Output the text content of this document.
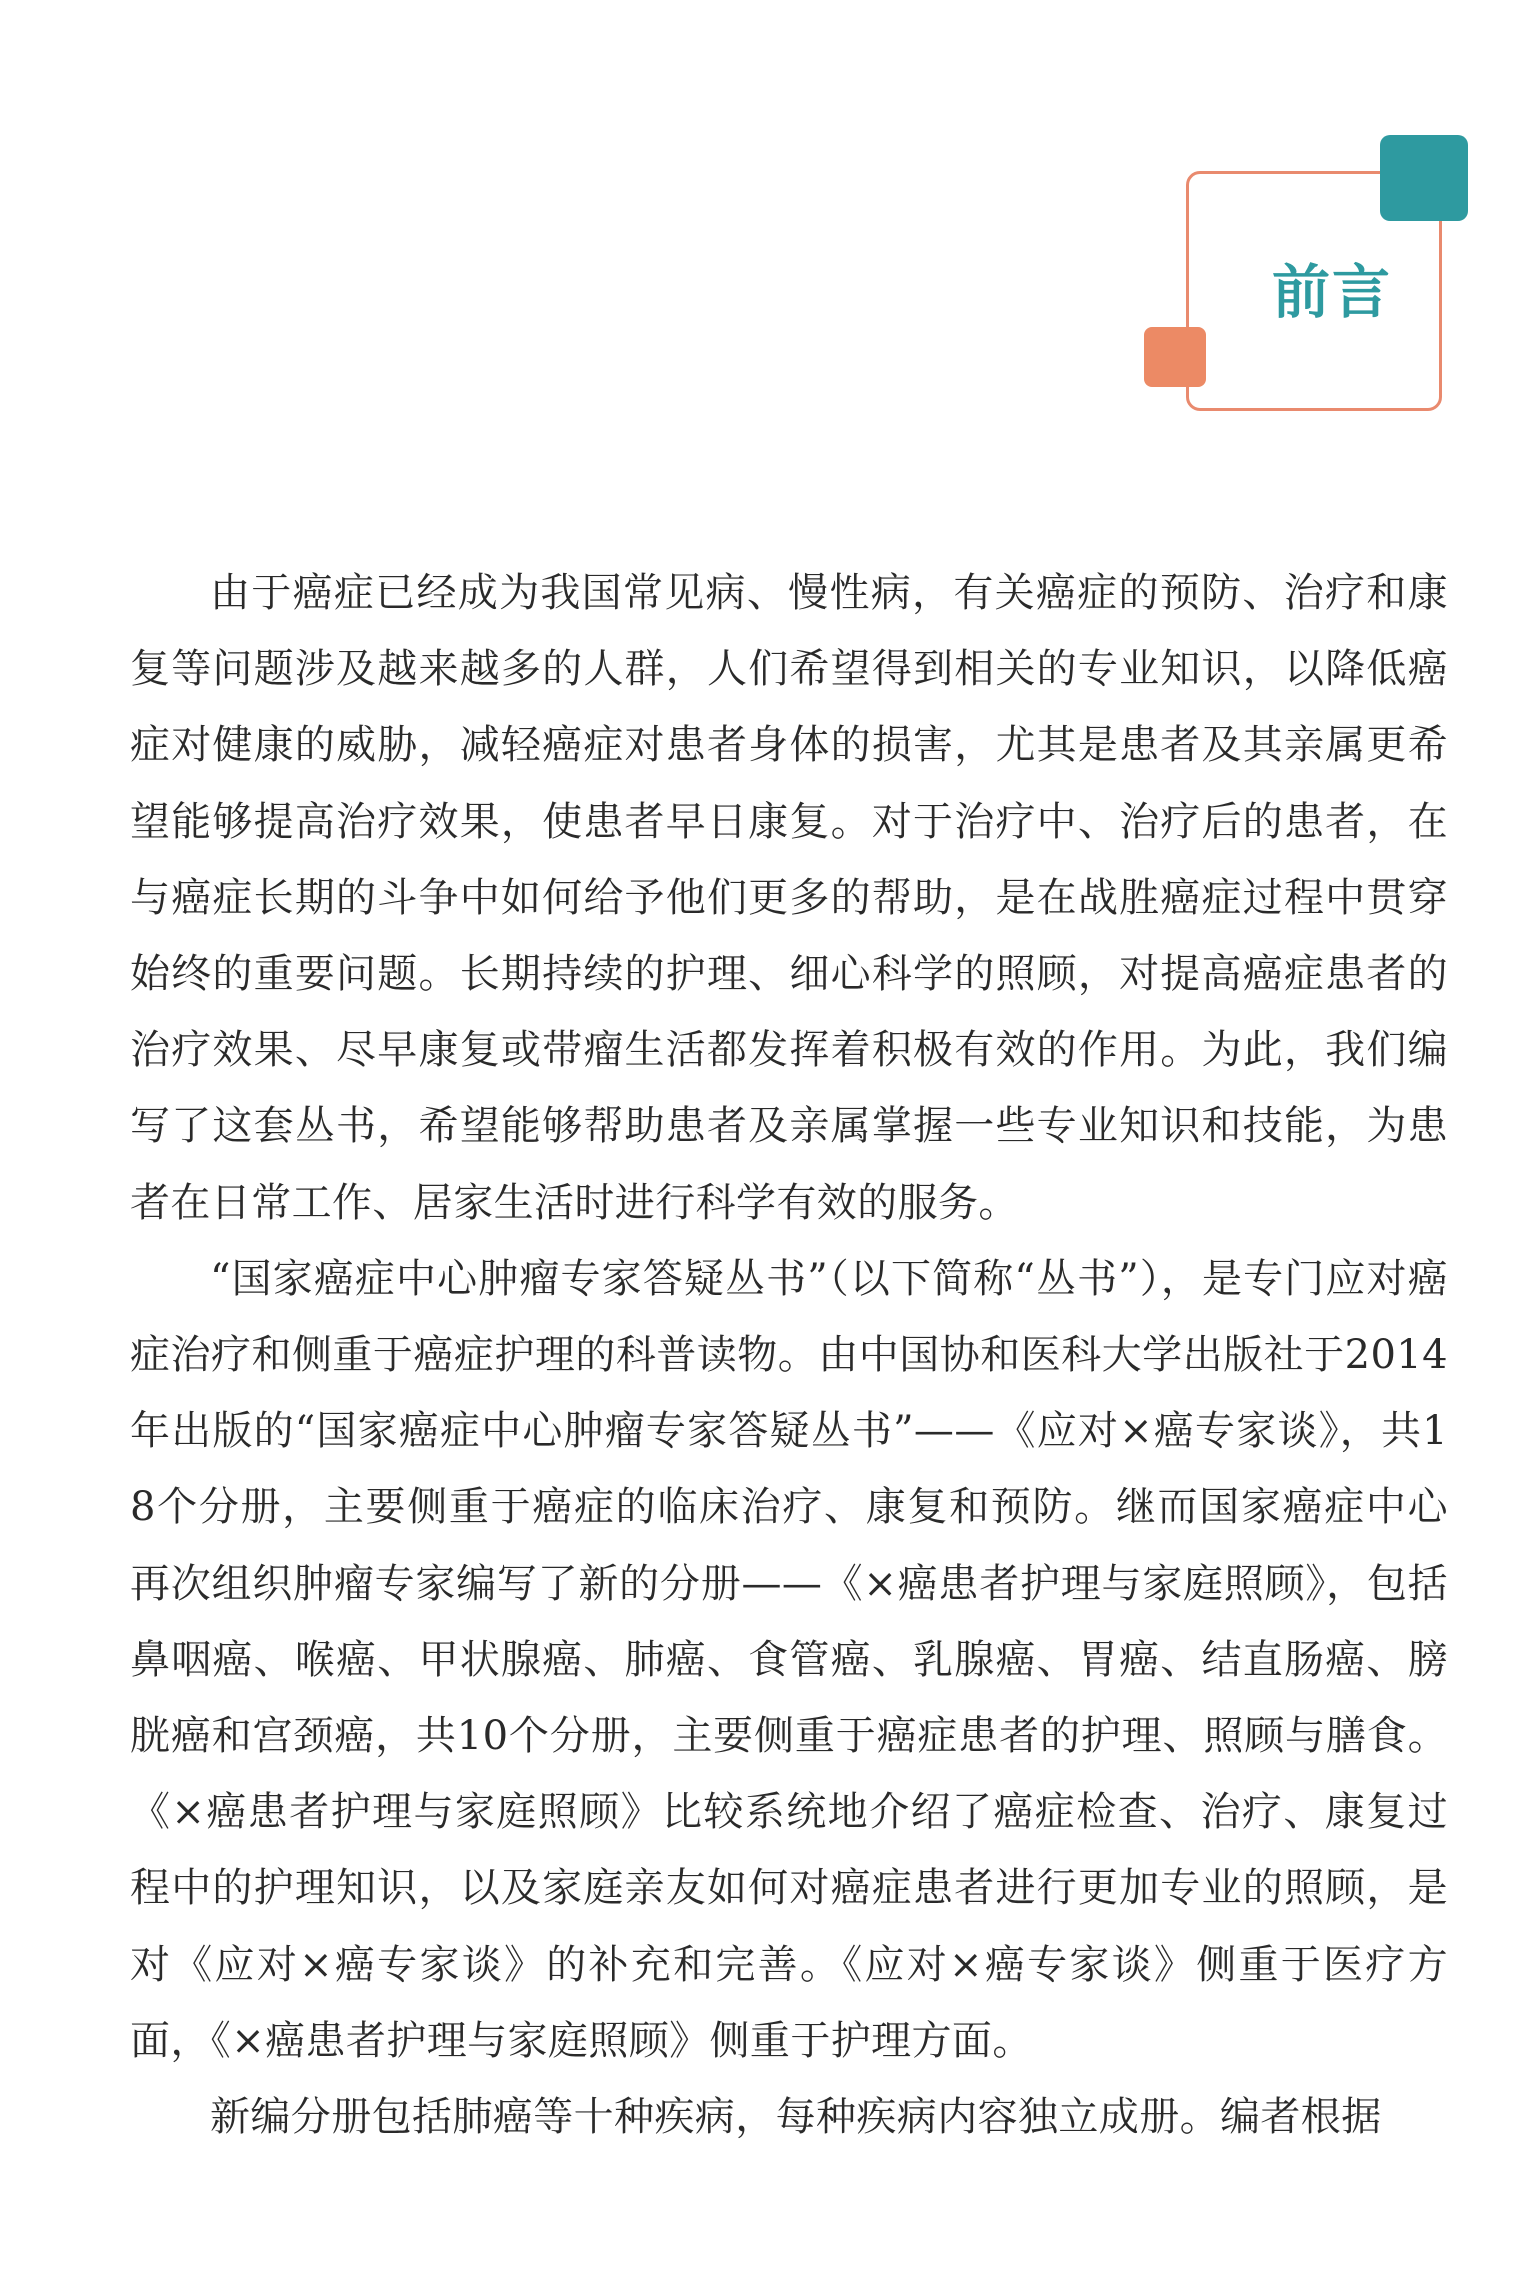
前言

由于癌症已经成为我国常见病、慢性病，有关癌症的预防、治疗和康复等问题涉及越来越多的人群，人们希望得到相关的专业知识，以降低癌症对健康的威胁，减轻癌症对患者身体的损害，尤其是患者及其亲属更希望能够提高治疗效果，使患者早日康复。对于治疗中、治疗后的患者，在与癌症长期的斗争中如何给予他们更多的帮助，是在战胜癌症过程中贯穿始终的重要问题。长期持续的护理、细心科学的照顾，对提高癌症患者的治疗效果、尽早康复或带瘤生活都发挥着积极有效的作用。为此，我们编写了这套丛书，希望能够帮助患者及亲属掌握一些专业知识和技能，为患者在日常工作、居家生活时进行科学有效的服务。

“国家癌症中心肿瘤专家答疑丛书”（以下简称“丛书”），是专门应对癌症治疗和侧重于癌症护理的科普读物。由中国协和医科大学出版社于2014年出版的“国家癌症中心肿瘤专家答疑丛书”——《应对×癌专家谈》，共18个分册，主要侧重于癌症的临床治疗、康复和预防。继而国家癌症中心再次组织肿瘤专家编写了新的分册——《×癌患者护理与家庭照顾》，包括鼻咽癌、喉癌、甲状腺癌、肺癌、食管癌、乳腺癌、胃癌、结直肠癌、膀胱癌和宫颈癌，共10个分册，主要侧重于癌症患者的护理、照顾与膳食。《×癌患者护理与家庭照顾》比较系统地介绍了癌症检查、治疗、康复过程中的护理知识，以及家庭亲友如何对癌症患者进行更加专业的照顾，是对《应对×癌专家谈》的补充和完善。《应对×癌专家谈》侧重于医疗方面，《×癌患者护理与家庭照顾》侧重于护理方面。

新编分册包括肺癌等十种疾病，每种疾病内容独立成册。编者根据
